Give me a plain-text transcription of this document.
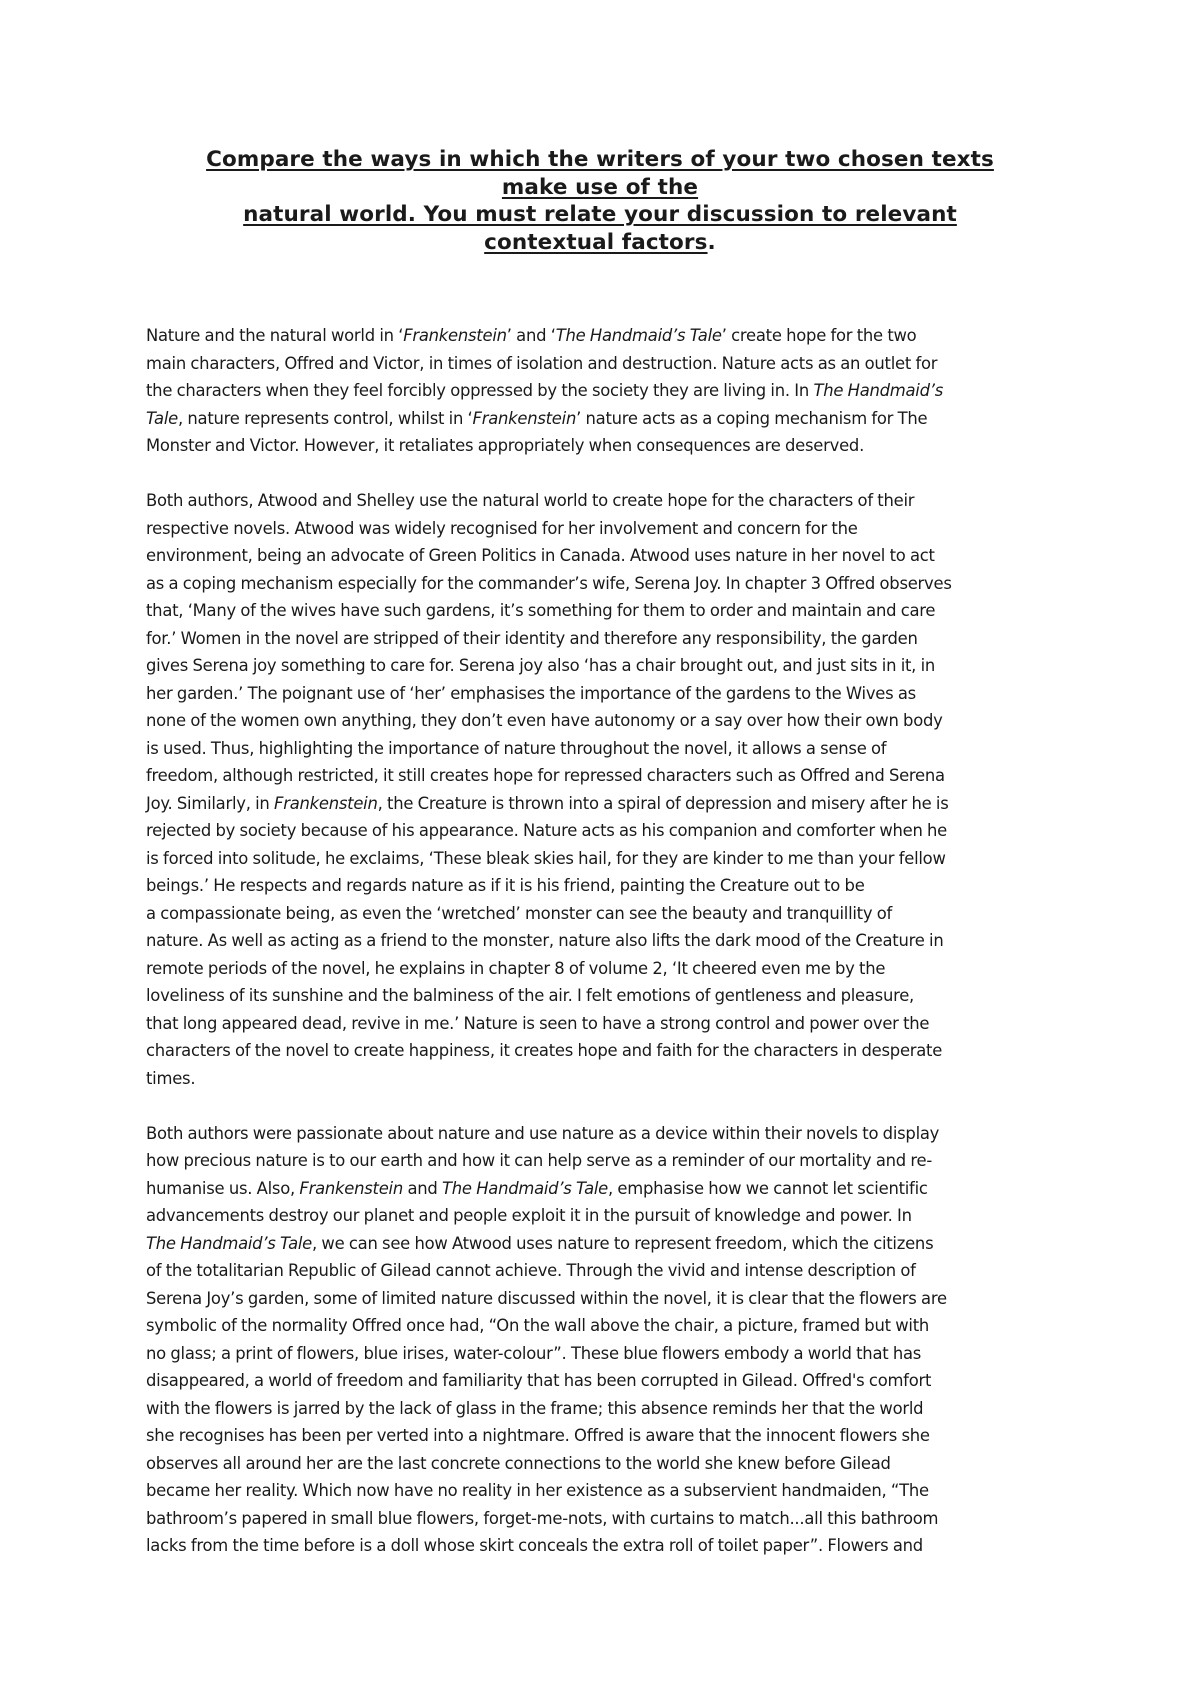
Compare the ways in which the writers of your two chosen texts
make use of the
natural world. You must relate your discussion to relevant
contextual factors.

Nature and the natural world in ‘Frankenstein’ and ‘The Handmaid’s Tale’ create hope for the two
main characters, Offred and Victor, in times of isolation and destruction. Nature acts as an outlet for
the characters when they feel forcibly oppressed by the society they are living in. In The Handmaid’s
Tale, nature represents control, whilst in ‘Frankenstein’ nature acts as a coping mechanism for The
Monster and Victor. However, it retaliates appropriately when consequences are deserved.

Both authors, Atwood and Shelley use the natural world to create hope for the characters of their
respective novels. Atwood was widely recognised for her involvement and concern for the
environment, being an advocate of Green Politics in Canada. Atwood uses nature in her novel to act
as a coping mechanism especially for the commander’s wife, Serena Joy. In chapter 3 Offred observes
that, ‘Many of the wives have such gardens, it’s something for them to order and maintain and care
for.’ Women in the novel are stripped of their identity and therefore any responsibility, the garden
gives Serena joy something to care for. Serena joy also ‘has a chair brought out, and just sits in it, in
her garden.’ The poignant use of ‘her’ emphasises the importance of the gardens to the Wives as
none of the women own anything, they don’t even have autonomy or a say over how their own body
is used. Thus, highlighting the importance of nature throughout the novel, it allows a sense of
freedom, although restricted, it still creates hope for repressed characters such as Offred and Serena
Joy. Similarly, in Frankenstein, the Creature is thrown into a spiral of depression and misery after he is
rejected by society because of his appearance. Nature acts as his companion and comforter when he
is forced into solitude, he exclaims, ‘These bleak skies hail, for they are kinder to me than your fellow
beings.’ He respects and regards nature as if it is his friend, painting the Creature out to be
a compassionate being, as even the ‘wretched’ monster can see the beauty and tranquillity of
nature. As well as acting as a friend to the monster, nature also lifts the dark mood of the Creature in
remote periods of the novel, he explains in chapter 8 of volume 2, ‘It cheered even me by the
loveliness of its sunshine and the balminess of the air. I felt emotions of gentleness and pleasure,
that long appeared dead, revive in me.’ Nature is seen to have a strong control and power over the
characters of the novel to create happiness, it creates hope and faith for the characters in desperate
times.

Both authors were passionate about nature and use nature as a device within their novels to display
how precious nature is to our earth and how it can help serve as a reminder of our mortality and re-
humanise us. Also, Frankenstein and The Handmaid’s Tale, emphasise how we cannot let scientific
advancements destroy our planet and people exploit it in the pursuit of knowledge and power. In
The Handmaid’s Tale, we can see how Atwood uses nature to represent freedom, which the citizens
of the totalitarian Republic of Gilead cannot achieve. Through the vivid and intense description of
Serena Joy’s garden, some of limited nature discussed within the novel, it is clear that the flowers are
symbolic of the normality Offred once had, “On the wall above the chair, a picture, framed but with
no glass; a print of flowers, blue irises, water-colour”. These blue flowers embody a world that has
disappeared, a world of freedom and familiarity that has been corrupted in Gilead. Offred's comfort
with the flowers is jarred by the lack of glass in the frame; this absence reminds her that the world
she recognises has been per verted into a nightmare. Offred is aware that the innocent flowers she
observes all around her are the last concrete connections to the world she knew before Gilead
became her reality. Which now have no reality in her existence as a subservient handmaiden, “The
bathroom’s papered in small blue flowers, forget-me-nots, with curtains to match...all this bathroom
lacks from the time before is a doll whose skirt conceals the extra roll of toilet paper”. Flowers and
